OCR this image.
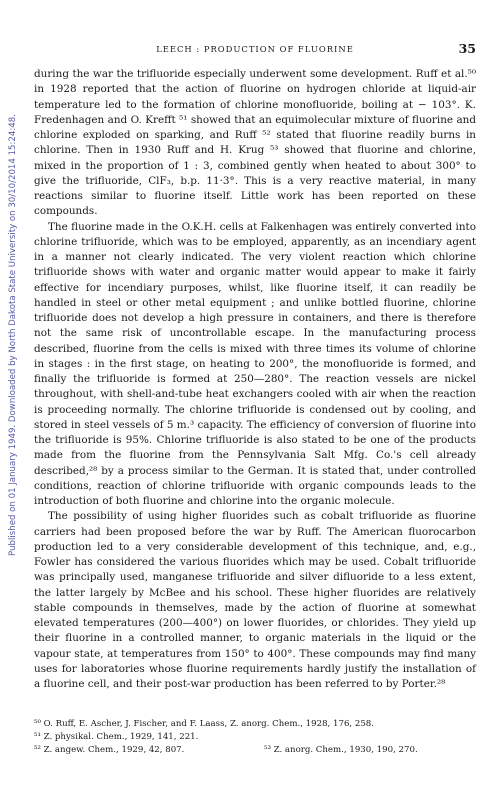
Published on 01 January 1949. Downloaded by North Dakota State University on 30/10/2014 15:24:48.
LEECH : PRODUCTION OF FLUORINE	35

during the war the trifluoride especially underwent some development. Ruff et al.⁵⁰ in 1928 reported that the action of fluorine on hydrogen chloride at liquid-air temperature led to the formation of chlorine monofluoride, boiling at − 103°. K. Fredenhagen and O. Krefft ⁵¹ showed that an equimolecular mixture of fluorine and chlorine exploded on sparking, and Ruff ⁵² stated that fluorine readily burns in chlorine. Then in 1930 Ruff and H. Krug ⁵³ showed that fluorine and chlorine, mixed in the proportion of 1 : 3, combined gently when heated to about 300° to give the trifluoride, ClF₃, b.p. 11·3°. This is a very reactive material, in many reactions similar to fluorine itself. Little work has been reported on these compounds.

The fluorine made in the O.K.H. cells at Falkenhagen was entirely converted into chlorine trifluoride, which was to be employed, apparently, as an incendiary agent in a manner not clearly indicated. The very violent reaction which chlorine trifluoride shows with water and organic matter would appear to make it fairly effective for incendiary purposes, whilst, like fluorine itself, it can readily be handled in steel or other metal equipment ; and unlike bottled fluorine, chlorine trifluoride does not develop a high pressure in containers, and there is therefore not the same risk of uncontrollable escape. In the manufacturing process described, fluorine from the cells is mixed with three times its volume of chlorine in stages : in the first stage, on heating to 200°, the monofluoride is formed, and finally the trifluoride is formed at 250—280°. The reaction vessels are nickel throughout, with shell-and-tube heat exchangers cooled with air when the reaction is proceeding normally. The chlorine trifluoride is condensed out by cooling, and stored in steel vessels of 5 m.³ capacity. The efficiency of conversion of fluorine into the trifluoride is 95%. Chlorine trifluoride is also stated to be one of the products made from the fluorine from the Pennsylvania Salt Mfg. Co.'s cell already described,²⁸ by a process similar to the German. It is stated that, under controlled conditions, reaction of chlorine trifluoride with organic compounds leads to the introduction of both fluorine and chlorine into the organic molecule.

The possibility of using higher fluorides such as cobalt trifluoride as fluorine carriers had been proposed before the war by Ruff. The American fluorocarbon production led to a very considerable development of this technique, and, e.g., Fowler has considered the various fluorides which may be used. Cobalt trifluoride was principally used, manganese trifluoride and silver difluoride to a less extent, the latter largely by McBee and his school. These higher fluorides are relatively stable compounds in themselves, made by the action of fluorine at somewhat elevated temperatures (200—400°) on lower fluorides, or chlorides. They yield up their fluorine in a controlled manner, to organic materials in the liquid or the vapour state, at temperatures from 150° to 400°. These compounds may find many uses for laboratories whose fluorine requirements hardly justify the installation of a fluorine cell, and their post-war production has been referred to by Porter.²⁸

⁵⁰ O. Ruff, E. Ascher, J. Fischer, and F. Laass, Z. anorg. Chem., 1928, 176, 258.
⁵¹ Z. physikal. Chem., 1929, 141, 221.
⁵² Z. angew. Chem., 1929, 42, 807.	⁵³ Z. anorg. Chem., 1930, 190, 270.
